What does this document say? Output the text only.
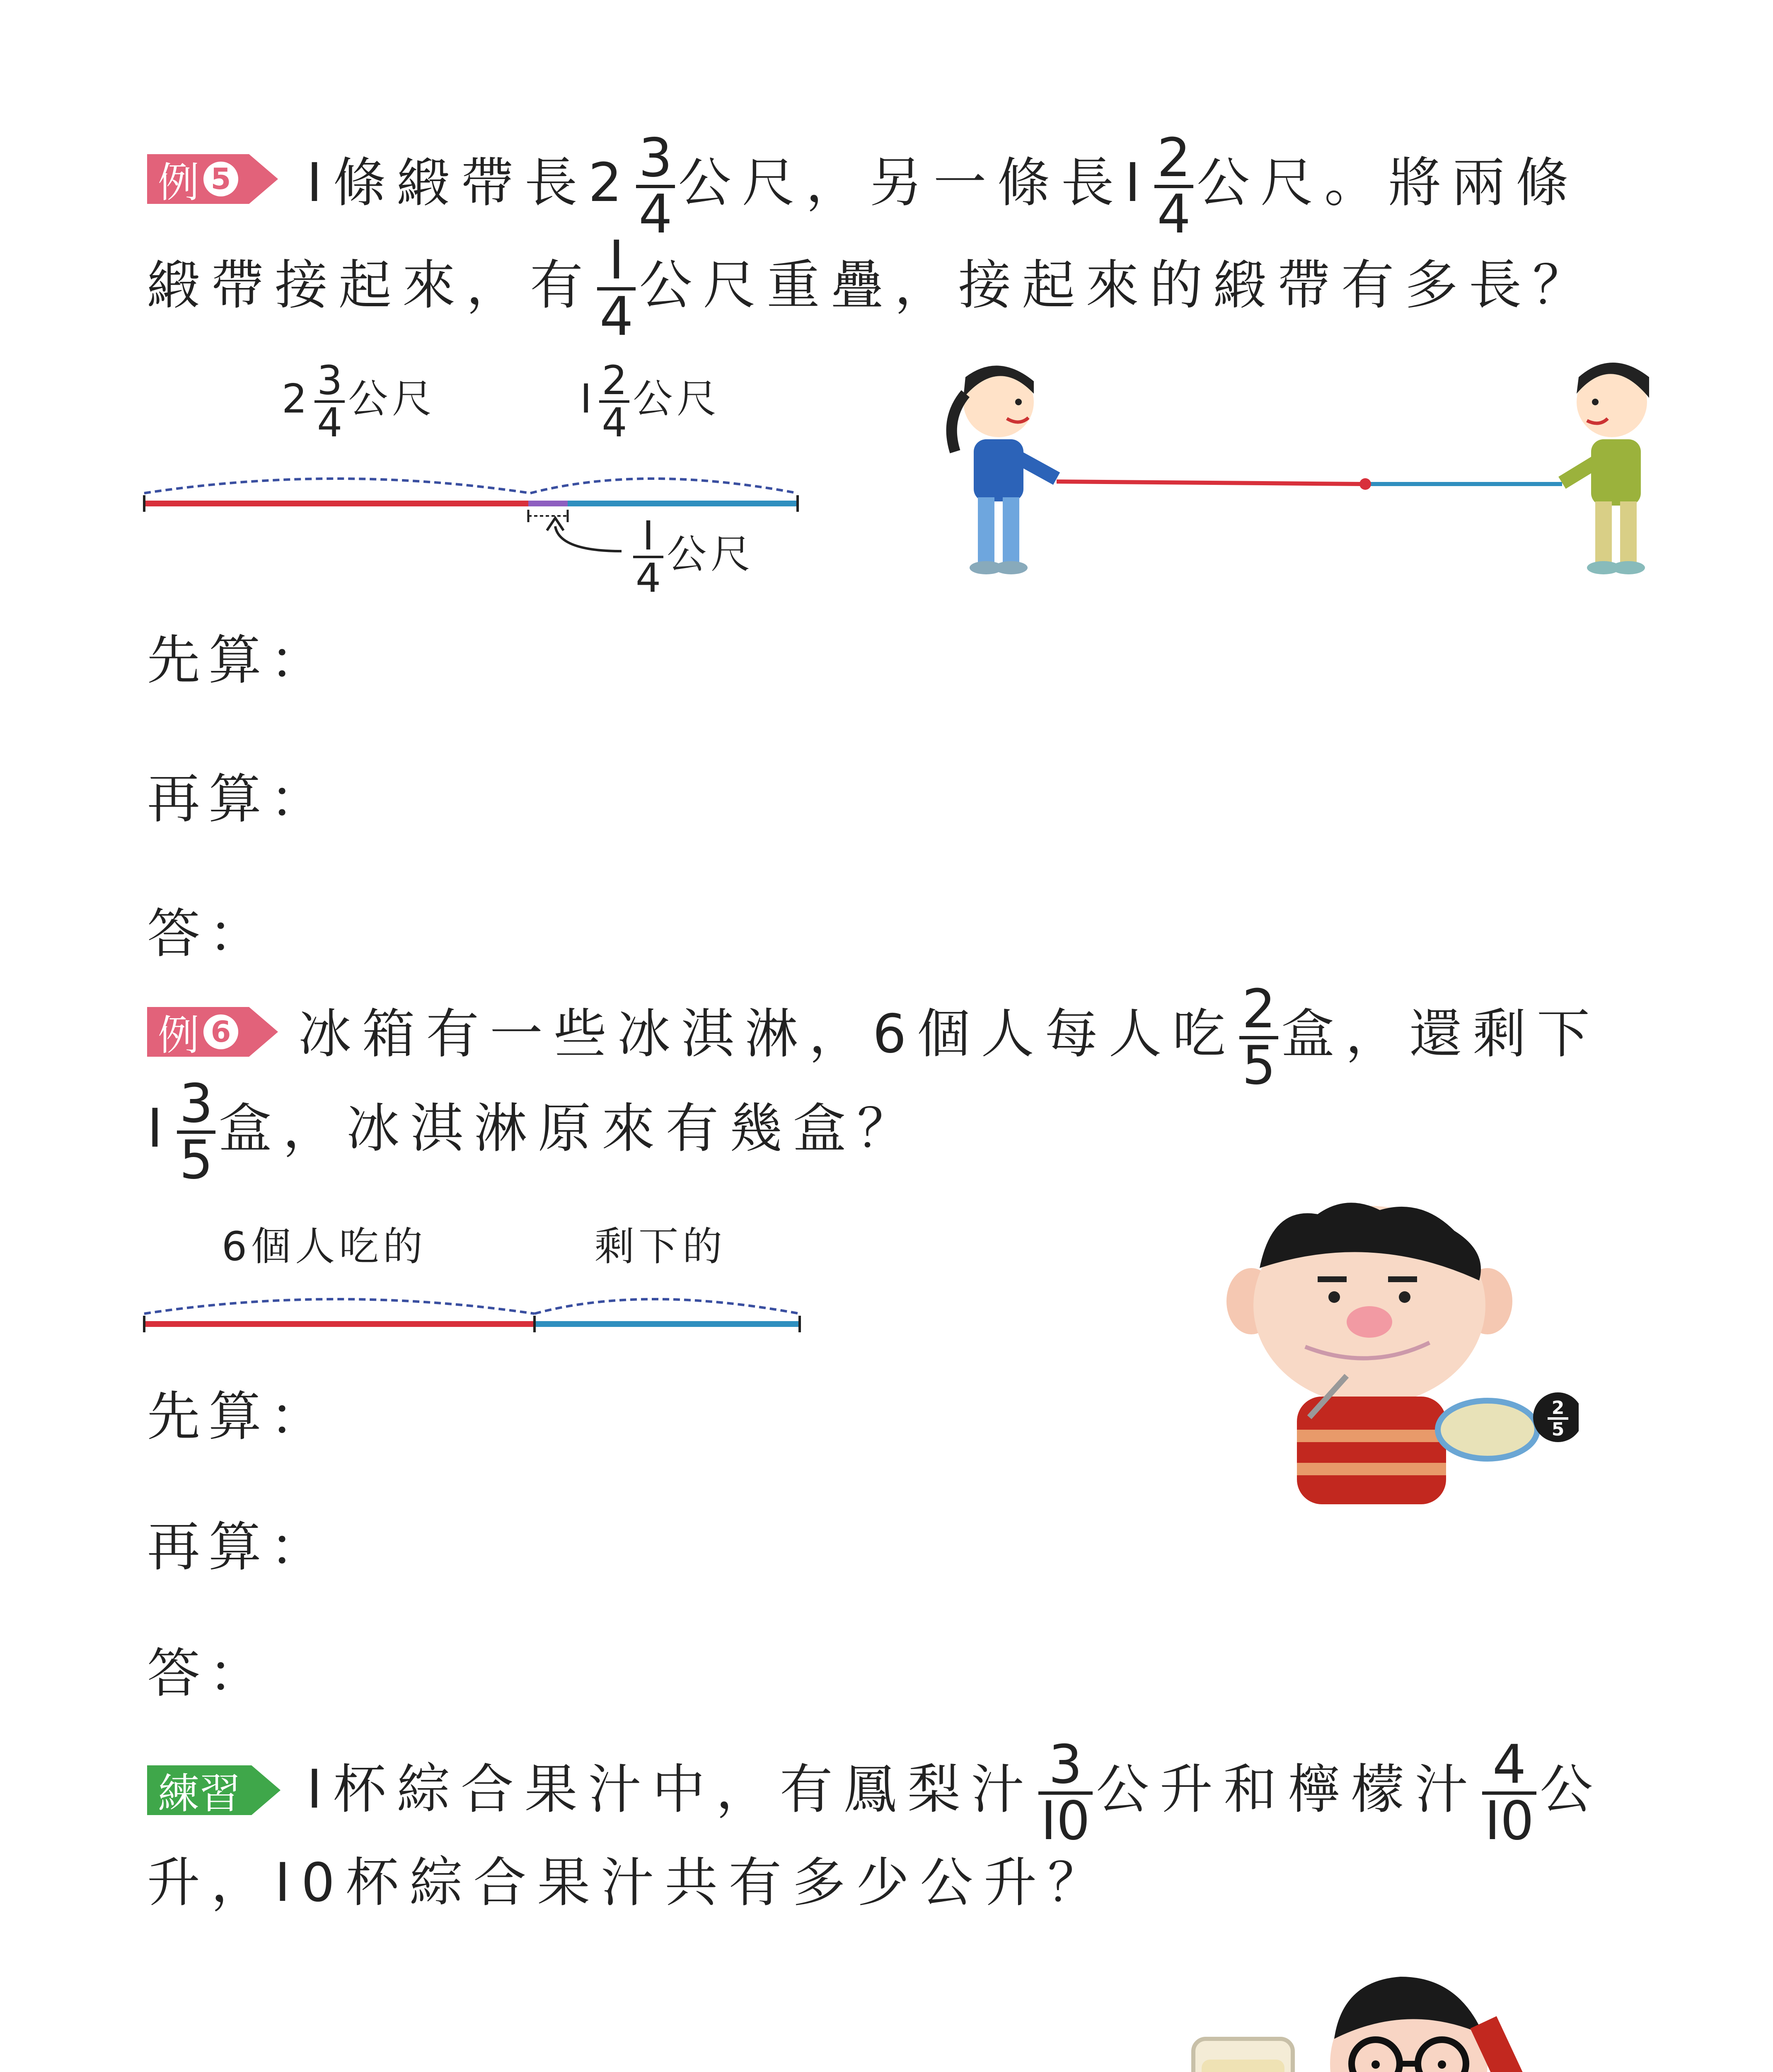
例 5 Ⅰ條緞帶長$2 \frac{3}{4}$ 公尺，另一條長Ⅰ $\frac{2}{4}$ 公尺。將兩條
緞帶接起來，有 $\frac{\text{Ⅰ}}{4}$ 公尺重疊，接起來的緞帶有多長？
$2 \frac{3}{4}$ 公尺	Ⅰ $\frac{2}{4}$ 公尺
$\frac{\text{Ⅰ}}{4}$ 公尺
先算：
再算：
答：
例 6 冰箱有一些冰淇淋，6個人每人吃 $\frac{2}{5}$ 盒，還剩下
Ⅰ $\frac{3}{5}$ 盒，冰淇淋原來有幾盒？
6個人吃的	剩下的
2
5
先算：
再算：
答：
練習 Ⅰ杯綜合果汁中，有鳳梨汁 $\frac{3}{\text{Ⅰ0}}$ 公升和檸檬汁 $\frac{4}{\text{Ⅰ0}}$ 公
升，Ⅰ0杯綜合果汁共有多少公升？
